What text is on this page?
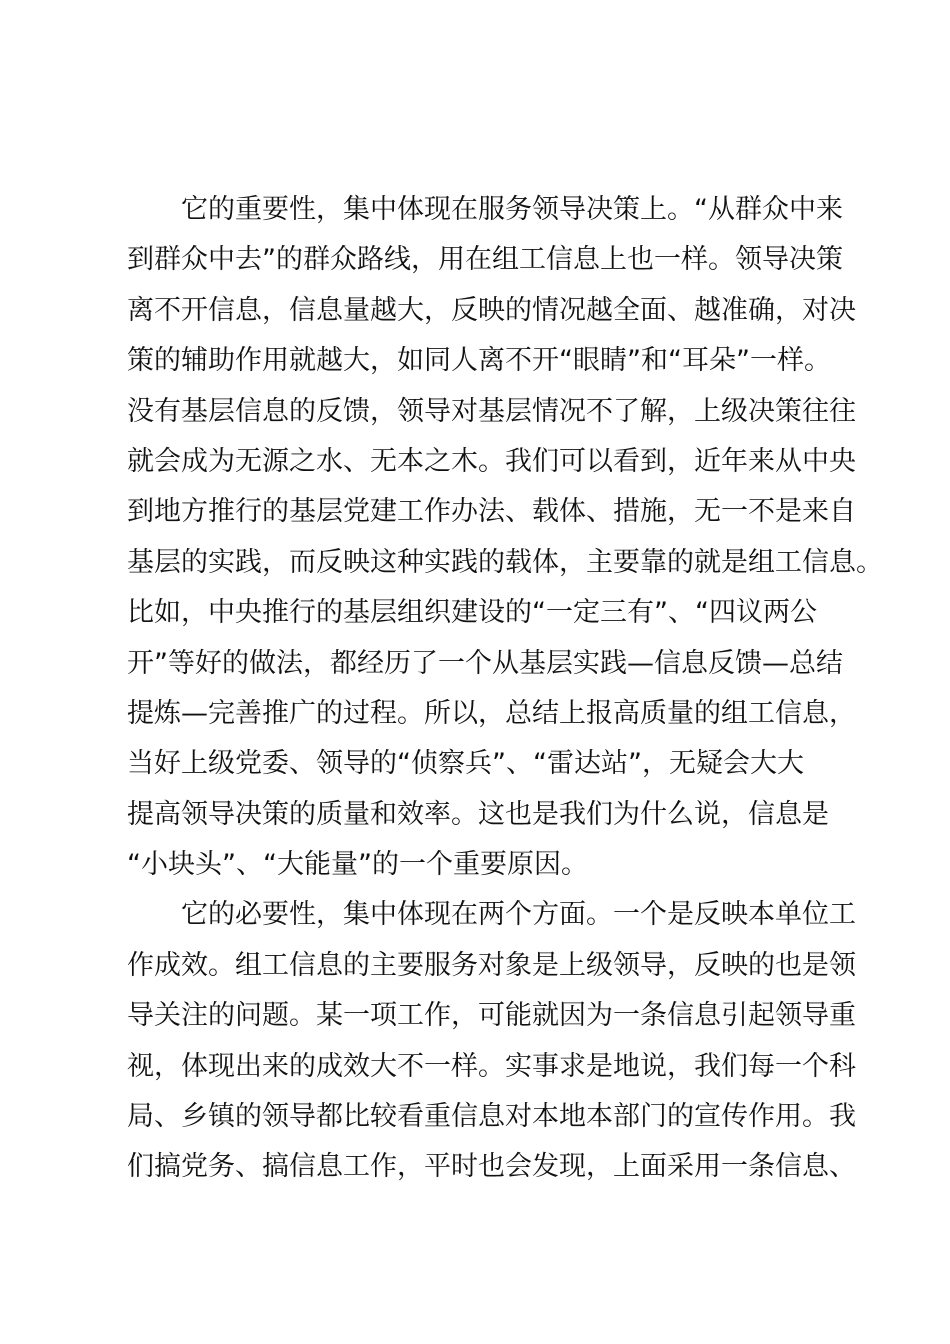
它的重要性，集中体现在服务领导决策上。“从群众中来
到群众中去”的群众路线，用在组工信息上也一样。领导决策
离不开信息，信息量越大，反映的情况越全面、越准确，对决
策的辅助作用就越大，如同人离不开“眼睛”和“耳朵”一样。
没有基层信息的反馈，领导对基层情况不了解，上级决策往往
就会成为无源之水、无本之木。我们可以看到，近年来从中央
到地方推行的基层党建工作办法、载体、措施，无一不是来自
基层的实践，而反映这种实践的载体，主要靠的就是组工信息。
比如，中央推行的基层组织建设的“一定三有”、“四议两公
开”等好的做法，都经历了一个从基层实践—信息反馈—总结
提炼—完善推广的过程。所以，总结上报高质量的组工信息，
当好上级党委、领导的“侦察兵”、“雷达站”，无疑会大大
提高领导决策的质量和效率。这也是我们为什么说，信息是
“小块头”、“大能量”的一个重要原因。
它的必要性，集中体现在两个方面。一个是反映本单位工
作成效。组工信息的主要服务对象是上级领导，反映的也是领
导关注的问题。某一项工作，可能就因为一条信息引起领导重
视，体现出来的成效大不一样。实事求是地说，我们每一个科
局、乡镇的领导都比较看重信息对本地本部门的宣传作用。我
们搞党务、搞信息工作，平时也会发现，上面采用一条信息、
